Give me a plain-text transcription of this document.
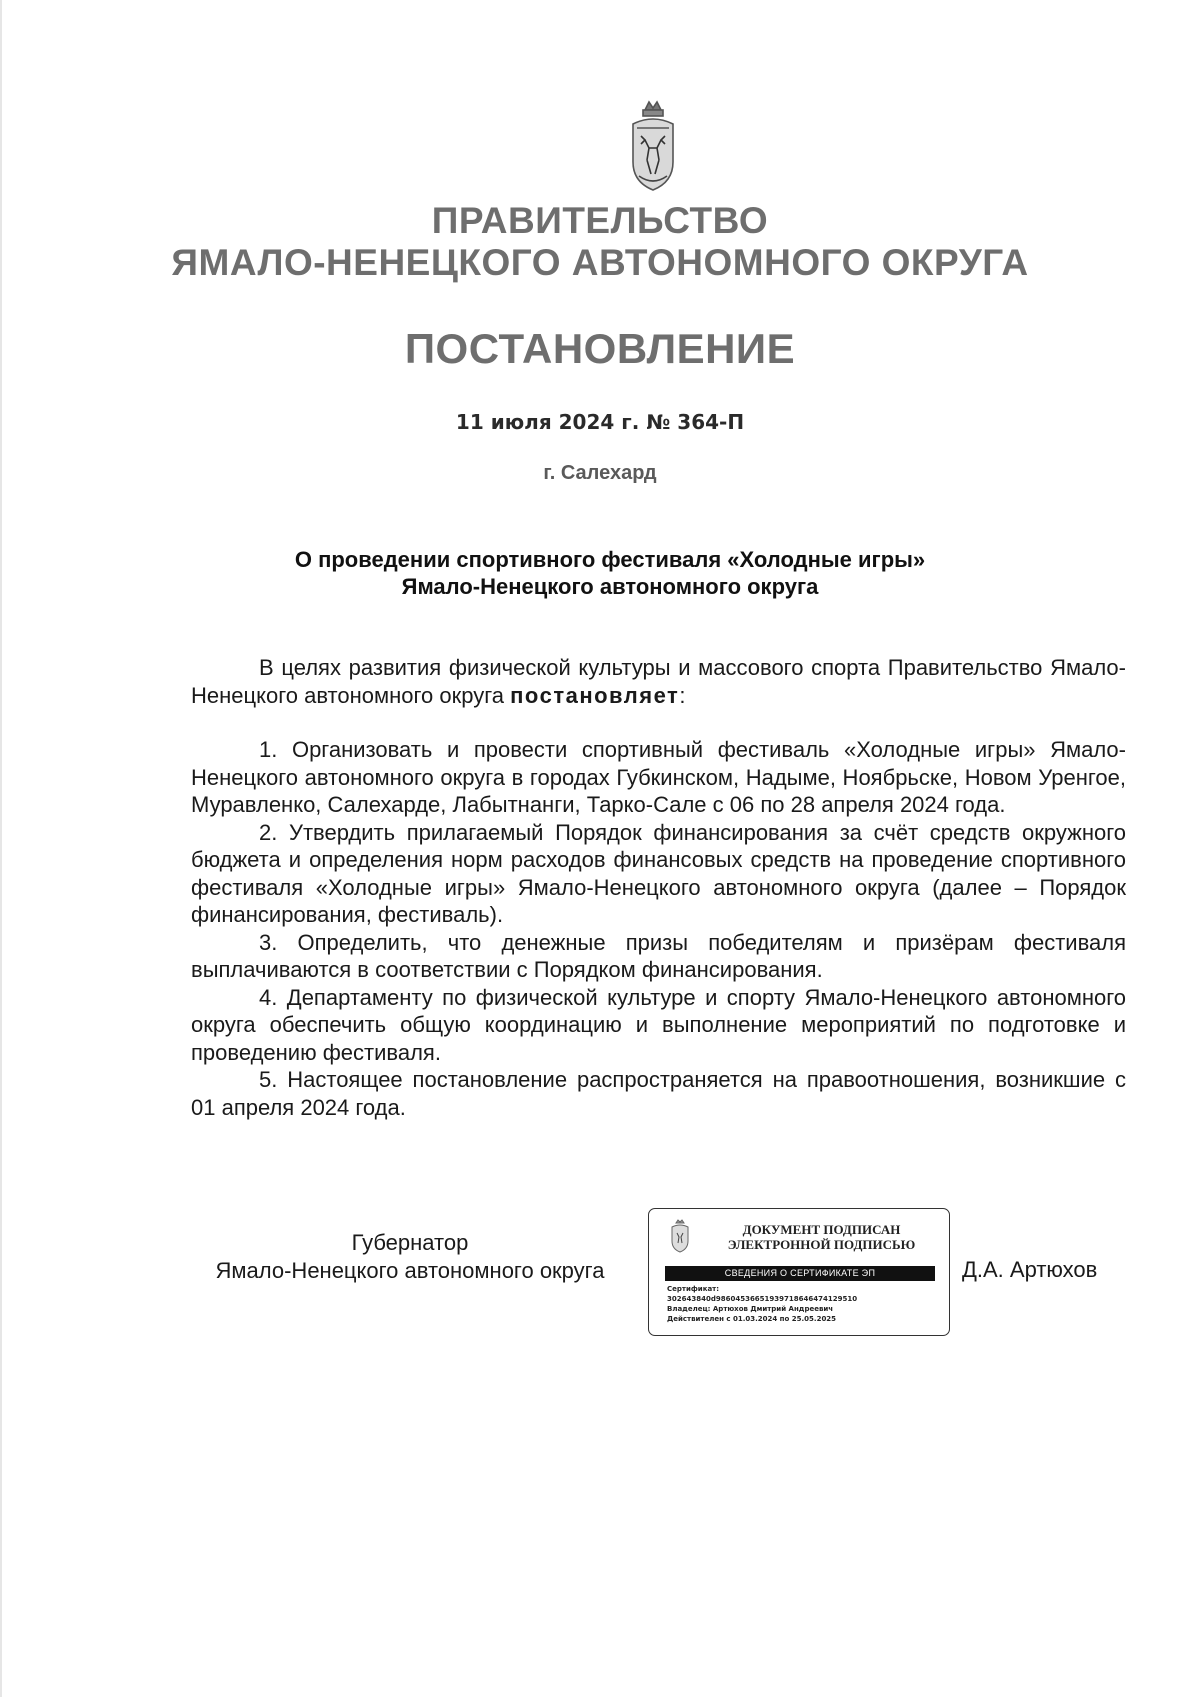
ПРАВИТЕЛЬСТВО
ЯМАЛО-НЕНЕЦКОГО АВТОНОМНОГО ОКРУГА
ПОСТАНОВЛЕНИЕ
11 июля 2024 г. № 364-П
г. Салехард
О проведении спортивного фестиваля «Холодные игры»
Ямало-Ненецкого автономного округа

В целях развития физической культуры и массового спорта Правительство Ямало-Ненецкого автономного округа постановляет:

1. Организовать и провести спортивный фестиваль «Холодные игры» Ямало-Ненецкого автономного округа в городах Губкинском, Надыме, Ноябрьске, Новом Уренгое, Муравленко, Салехарде, Лабытнанги, Тарко-Сале с 06 по 28 апреля 2024 года.

2. Утвердить прилагаемый Порядок финансирования за счёт средств окружного бюджета и определения норм расходов финансовых средств на проведение спортивного фестиваля «Холодные игры» Ямало-Ненецкого автономного округа (далее – Порядок финансирования, фестиваль).

3. Определить, что денежные призы победителям и призёрам фестиваля выплачиваются в соответствии с Порядком финансирования.

4. Департаменту по физической культуре и спорту Ямало-Ненецкого автономного округа обеспечить общую координацию и выполнение мероприятий по подготовке и проведению фестиваля.

5. Настоящее постановление распространяется на правоотношения, возникшие с 01 апреля 2024 года.

Губернатор
Ямало-Ненецкого автономного округа
ДОКУМЕНТ ПОДПИСАН
ЭЛЕКТРОННОЙ ПОДПИСЬЮ
СВЕДЕНИЯ О СЕРТИФИКАТЕ ЭП
Сертификат:
302643840d98604536651939718646474129510
Владелец: Артюхов Дмитрий Андреевич
Действителен с 01.03.2024 по 25.05.2025
Д.А. Артюхов
